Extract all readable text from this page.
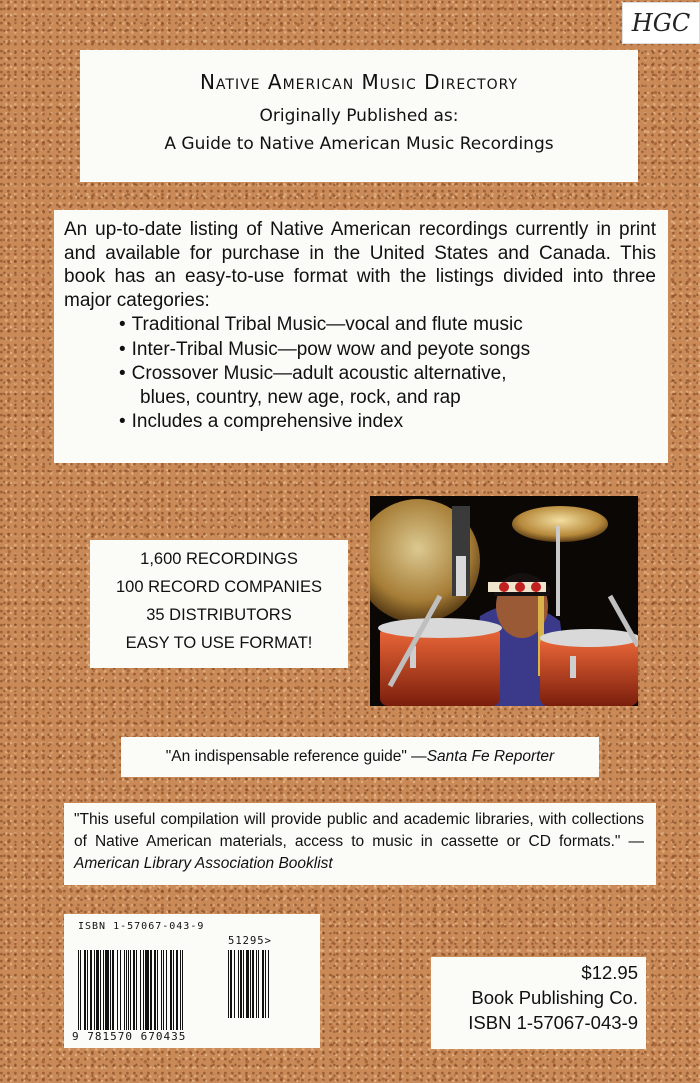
HGC
Native American Music Directory
Originally Published as:
A Guide to Native American Music Recordings

An up-to-date listing of Native American recordings currently in print and available for purchase in the United States and Canada. This book has an easy-to-use format with the listings divided into three major categories:

• Traditional Tribal Music—vocal and flute music
• Inter-Tribal Music—pow wow and peyote songs
• Crossover Music—adult acoustic alternative,
blues, country, new age, rock, and rap
• Includes a comprehensive index
1,600 RECORDINGS
100 RECORD COMPANIES
35 DISTRIBUTORS
EASY TO USE FORMAT!
"An indispensable reference guide" —Santa Fe Reporter
"This useful compilation will provide public and academic libraries, with collections of Native American materials, access to music in cassette or CD formats." —American Library Association Booklist
ISBN 1-57067-043-9
51295>
9 781570 670435
$12.95
Book Publishing Co.
ISBN 1-57067-043-9
